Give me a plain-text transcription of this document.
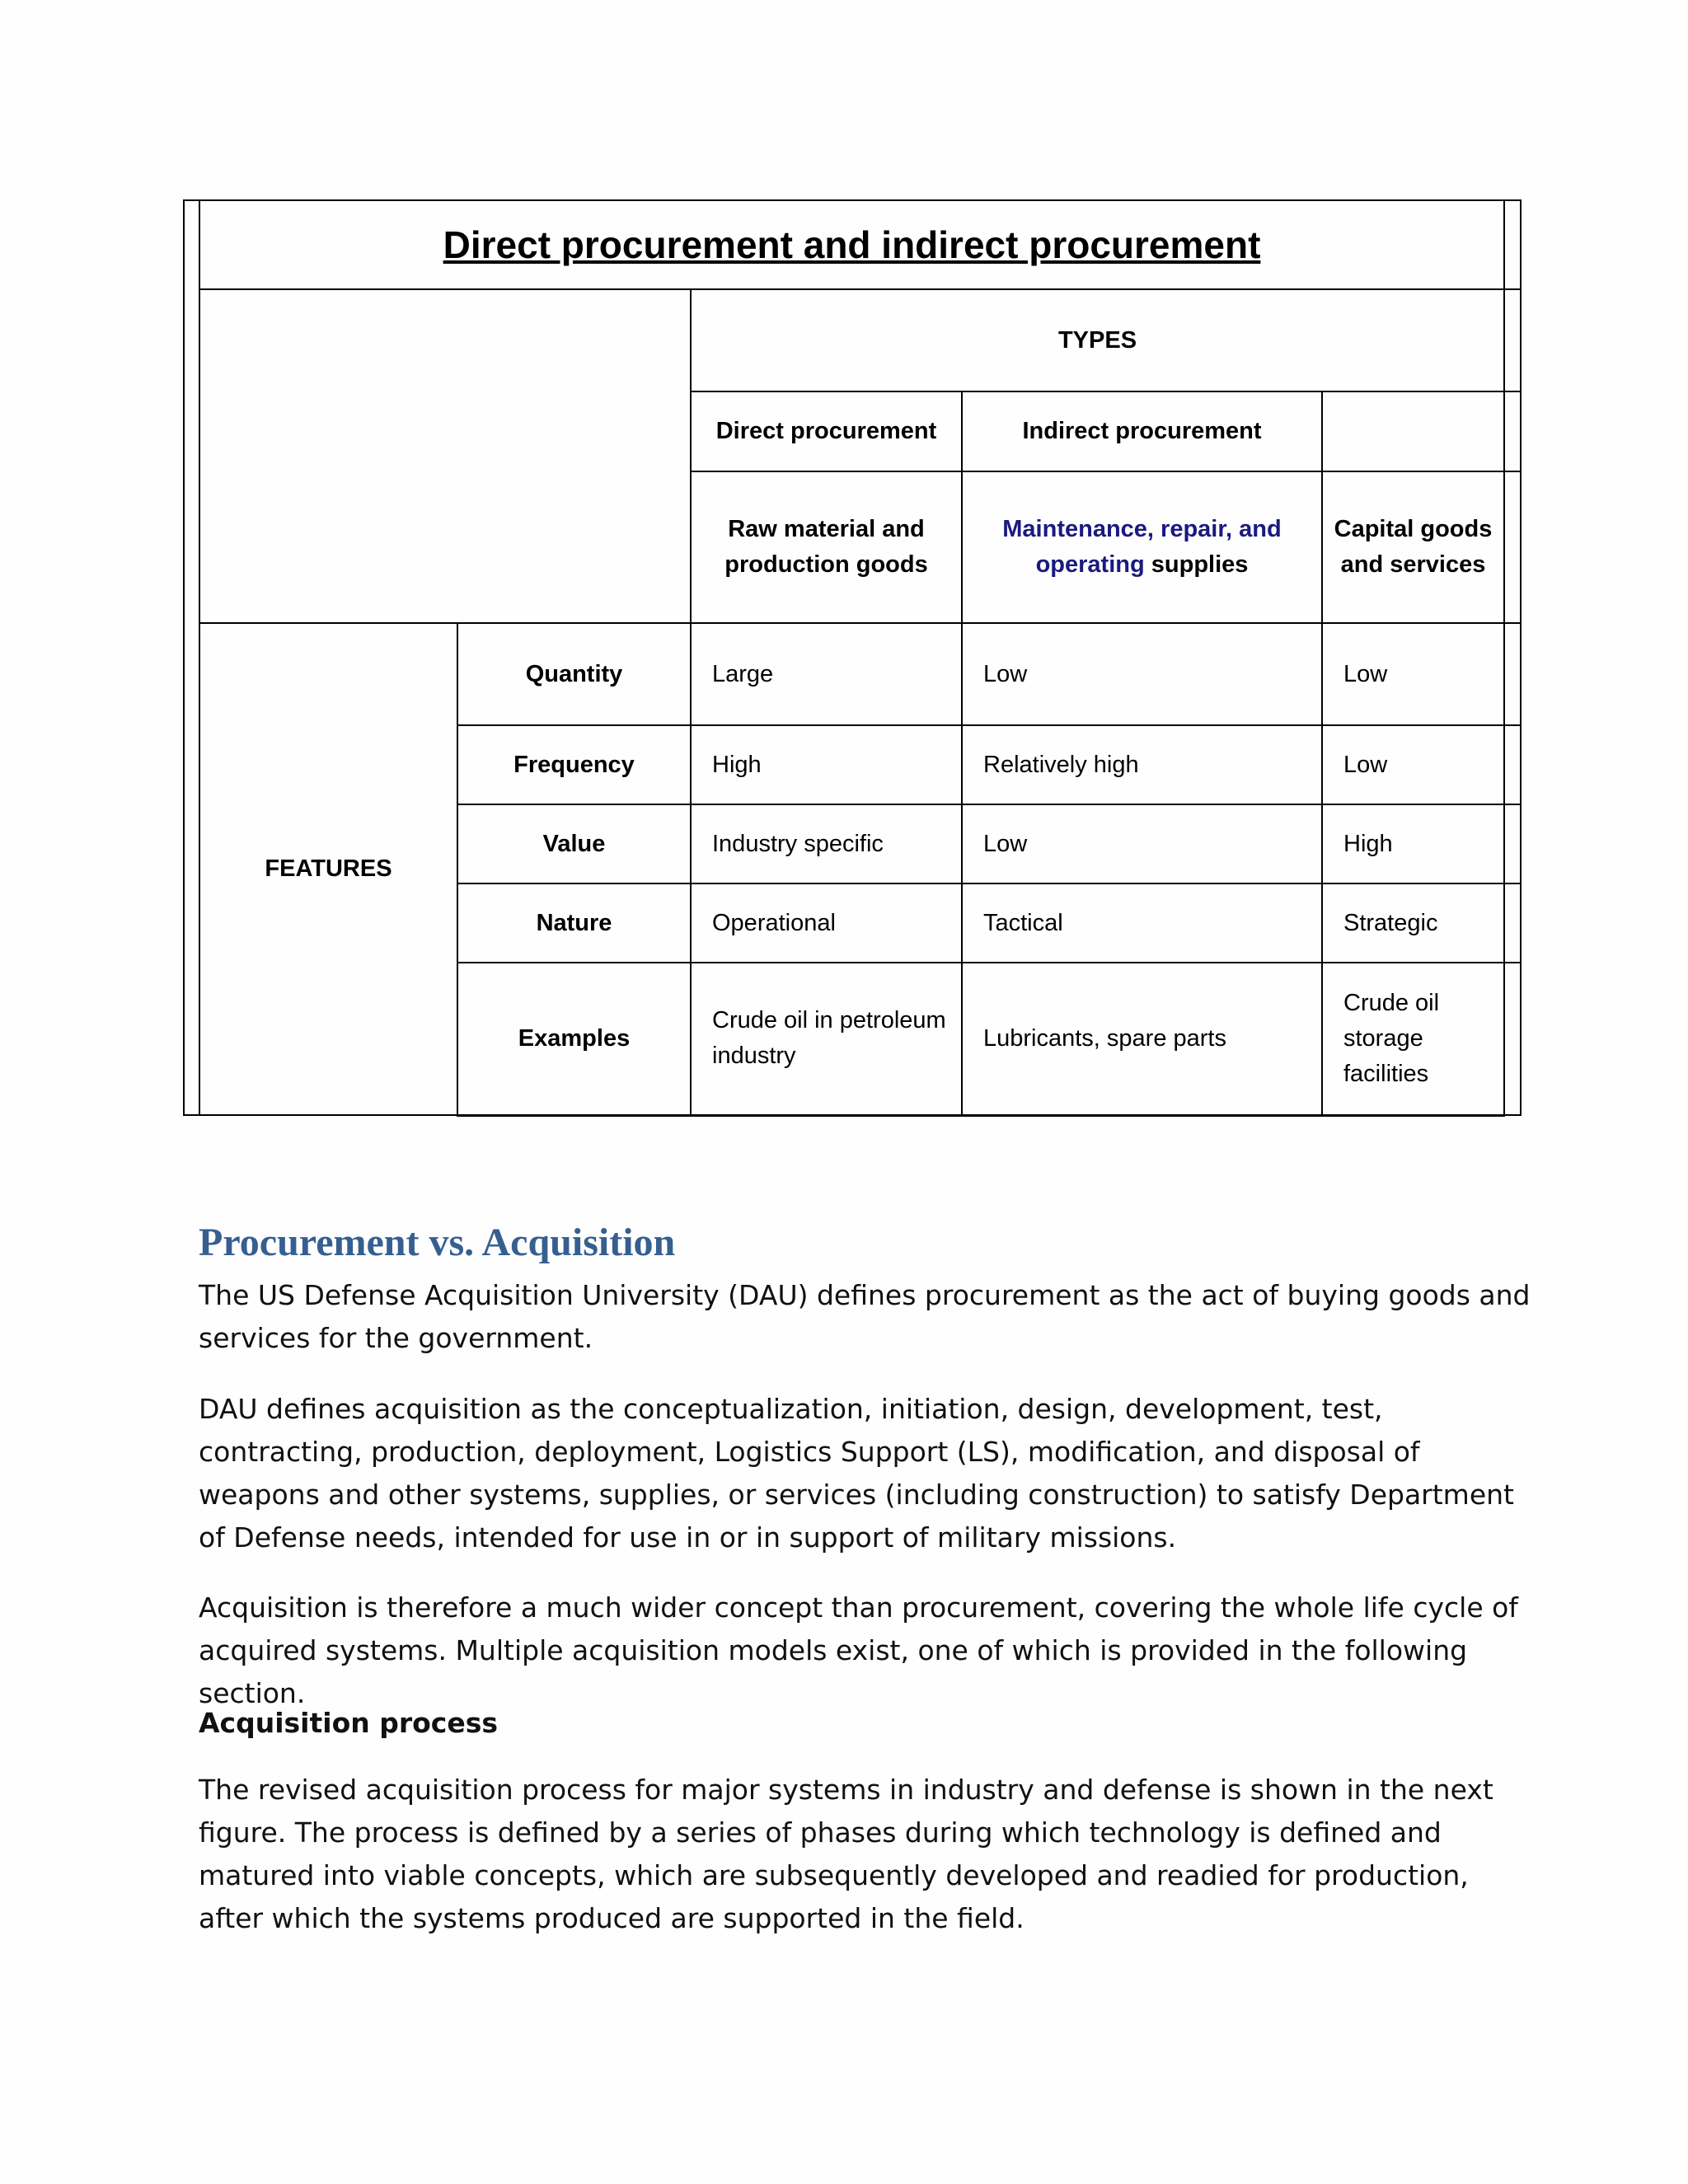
Direct procurement and indirect procurement				
		TYPES		
		Direct procurement	Indirect procurement	
		Raw material and production goods	Maintenance, repair, and operating supplies	Capital goods and services
FEATURES	Quantity	Large	Low	Low
	Frequency	High	Relatively high	Low
	Value	Industry specific	Low	High
	Nature	Operational	Tactical	Strategic
	Examples	Crude oil in petroleum industry	Lubricants, spare parts	Crude oil storage facilities
Procurement vs. Acquisition

The US Defense Acquisition University (DAU) defines procurement as the act of buying goods and services for the government.

DAU defines acquisition as the conceptualization, initiation, design, development, test, contracting, production, deployment, Logistics Support (LS), modification, and disposal of weapons and other systems, supplies, or services (including construction) to satisfy Department of Defense needs, intended for use in or in support of military missions.

Acquisition is therefore a much wider concept than procurement, covering the whole life cycle of acquired systems. Multiple acquisition models exist, one of which is provided in the following section.

Acquisition process

The revised acquisition process for major systems in industry and defense is shown in the next figure. The process is defined by a series of phases during which technology is defined and matured into viable concepts, which are subsequently developed and readied for production, after which the systems produced are supported in the field.
